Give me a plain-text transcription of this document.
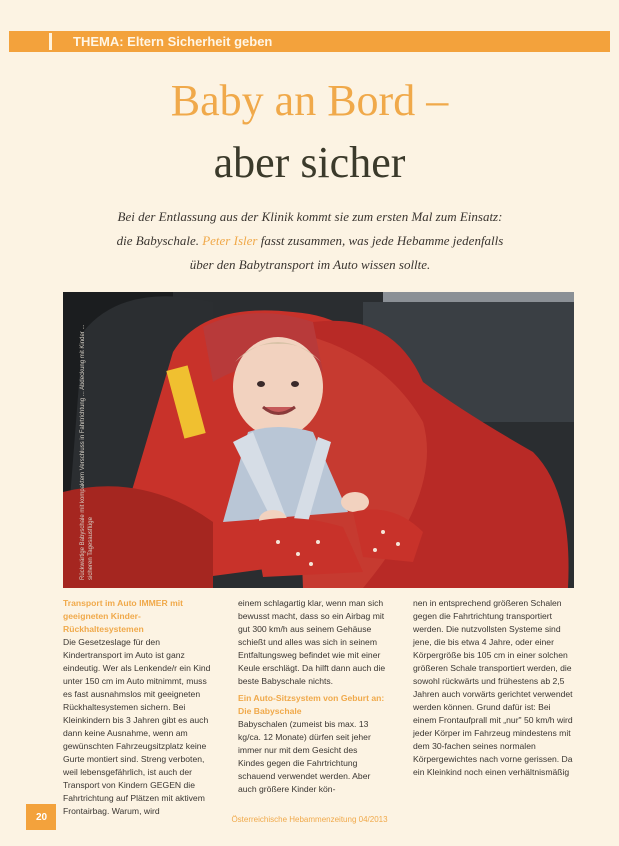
THEMA: Eltern Sicherheit geben
Baby an Bord –
aber sicher
Bei der Entlassung aus der Klinik kommt sie zum ersten Mal zum Einsatz:
die Babyschale. Peter Isler fasst zusammen, was jede Hebamme jedenfalls
über den Babytransport im Auto wissen sollte.
Rückwärtige Babyschale mit kompaktem Verschluss in Fahrtrichtung ... Abdeckung mit Kinder ... sicheren Tagesausflüge

Transport im Auto IMMER mit geeigneten Kinder-Rückhaltesystemen

Die Gesetzeslage für den Kindertransport im Auto ist ganz eindeutig. Wer als Lenkende/r ein Kind unter 150 cm im Auto mitnimmt, muss es fast ausnahmslos mit geeigneten Rückhaltesystemen sichern. Bei Kleinkindern bis 3 Jahren gibt es auch dann keine Ausnahme, wenn am gewünschten Fahrzeugsitzplatz keine Gurte montiert sind. Streng verboten, weil lebensgefährlich, ist auch der Transport von Kindern GEGEN die Fahrtrichtung auf Plätzen mit aktivem Frontairbag. Warum, wird

einem schlagartig klar, wenn man sich bewusst macht, dass so ein Airbag mit gut 300 km/h aus seinem Gehäuse schießt und alles was sich in seinem Entfaltungsweg befindet wie mit einer Keule erschlägt. Da hilft dann auch die beste Babyschale nichts.

Ein Auto-Sitzsystem von Geburt an: Die Babyschale

Babyschalen (zumeist bis max. 13 kg/ca. 12 Monate) dürfen seit jeher immer nur mit dem Gesicht des Kindes gegen die Fahrtrichtung schauend verwendet werden. Aber auch größere Kinder kön-

nen in entsprechend größeren Schalen gegen die Fahrtrichtung transportiert werden. Die nutzvollsten Systeme sind jene, die bis etwa 4 Jahre, oder einer Körpergröße bis 105 cm in einer solchen größeren Schale transportiert werden, die sowohl rückwärts und frühestens ab 2,5 Jahren auch vorwärts gerichtet verwendet werden können. Grund dafür ist: Bei einem Frontaufprall mit „nur" 50 km/h wird jeder Körper im Fahrzeug mindestens mit dem 30-fachen seines normalen Körpergewichtes nach vorne gerissen. Da ein Kleinkind noch einen verhältnismäßig

20	Österreichische Hebammenzeitung 04/2013
